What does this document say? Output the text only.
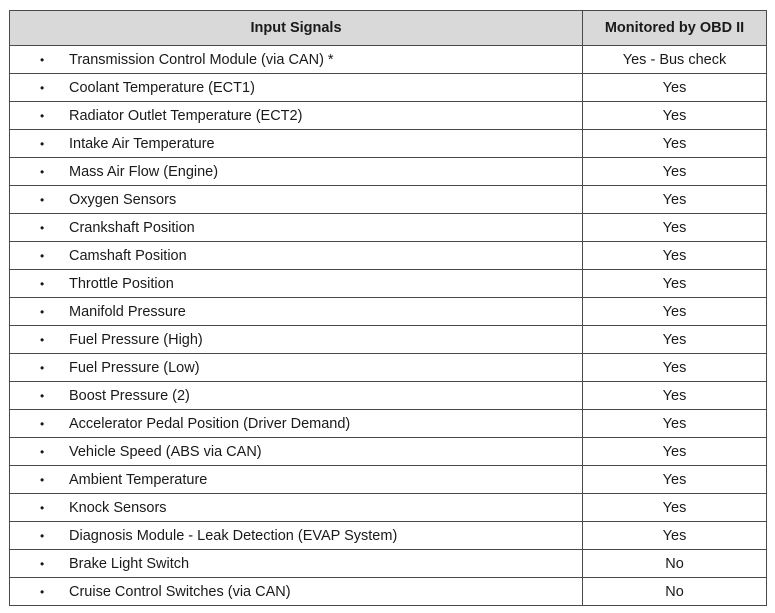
Input Signals	Monitored by OBD II

• Transmission Control Module (via CAN) *	Yes - Bus check

• Coolant Temperature (ECT1)	Yes

• Radiator Outlet Temperature (ECT2)	Yes

• Intake Air Temperature	Yes

• Mass Air Flow (Engine)	Yes

• Oxygen Sensors	Yes

• Crankshaft Position	Yes

• Camshaft Position	Yes

• Throttle Position	Yes

• Manifold Pressure	Yes

• Fuel Pressure (High)	Yes

• Fuel Pressure (Low)	Yes

• Boost Pressure (2)	Yes

• Accelerator Pedal Position (Driver Demand)	Yes

• Vehicle Speed (ABS via CAN)	Yes

• Ambient Temperature	Yes

• Knock Sensors	Yes

• Diagnosis Module - Leak Detection (EVAP System)	Yes

• Brake Light Switch	No

• Cruise Control Switches (via CAN)	No
